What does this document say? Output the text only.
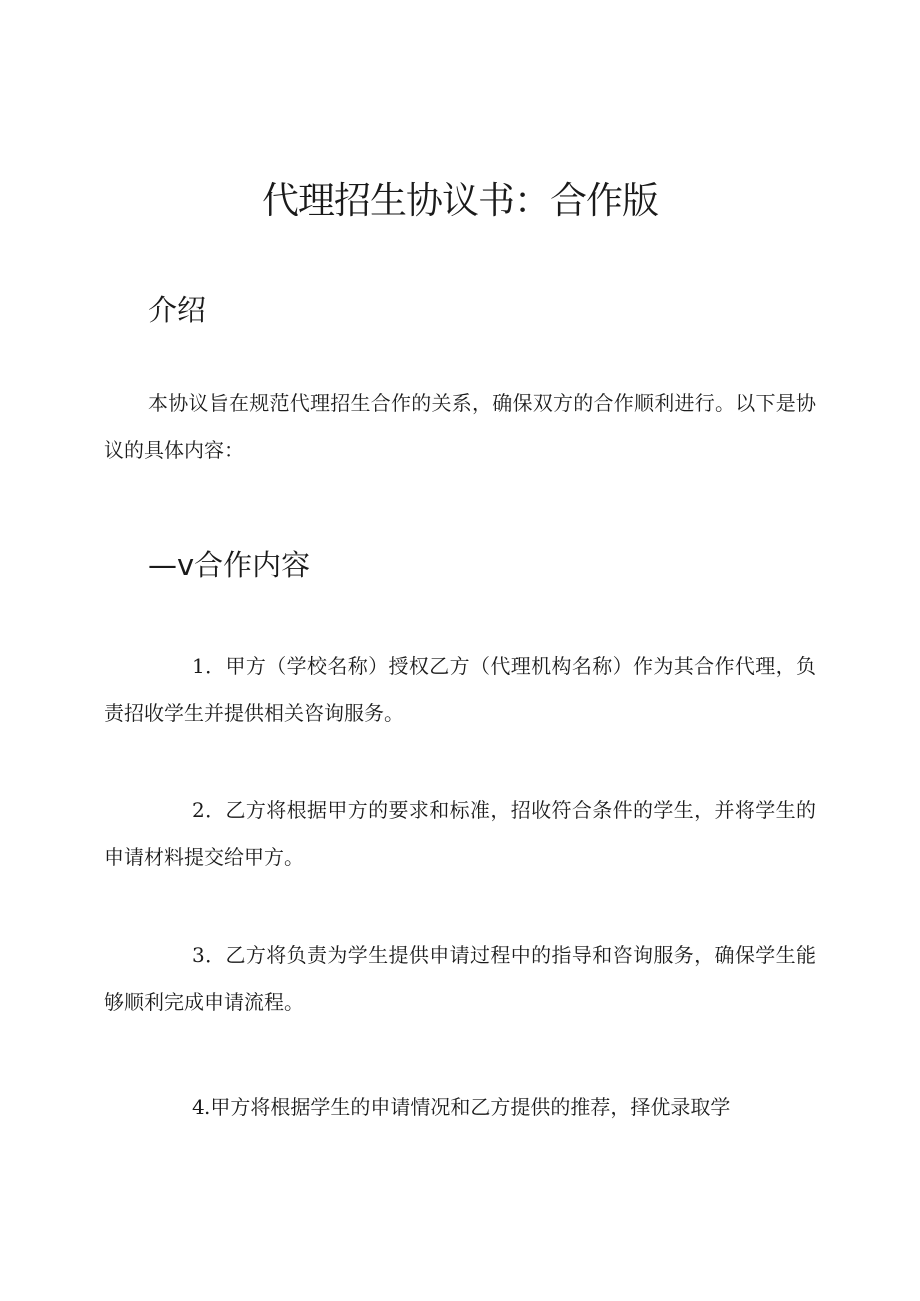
代理招生协议书：合作版
介绍

本协议旨在规范代理招生合作的关系，确保双方的合作顺利进行。以下是协议的具体内容：

—v合作内容

1．甲方（学校名称）授权乙方（代理机构名称）作为其合作代理，负责招收学生并提供相关咨询服务。

2．乙方将根据甲方的要求和标准，招收符合条件的学生，并将学生的申请材料提交给甲方。

3．乙方将负责为学生提供申请过程中的指导和咨询服务，确保学生能够顺利完成申请流程。

4.甲方将根据学生的申请情况和乙方提供的推荐，择优录取学
